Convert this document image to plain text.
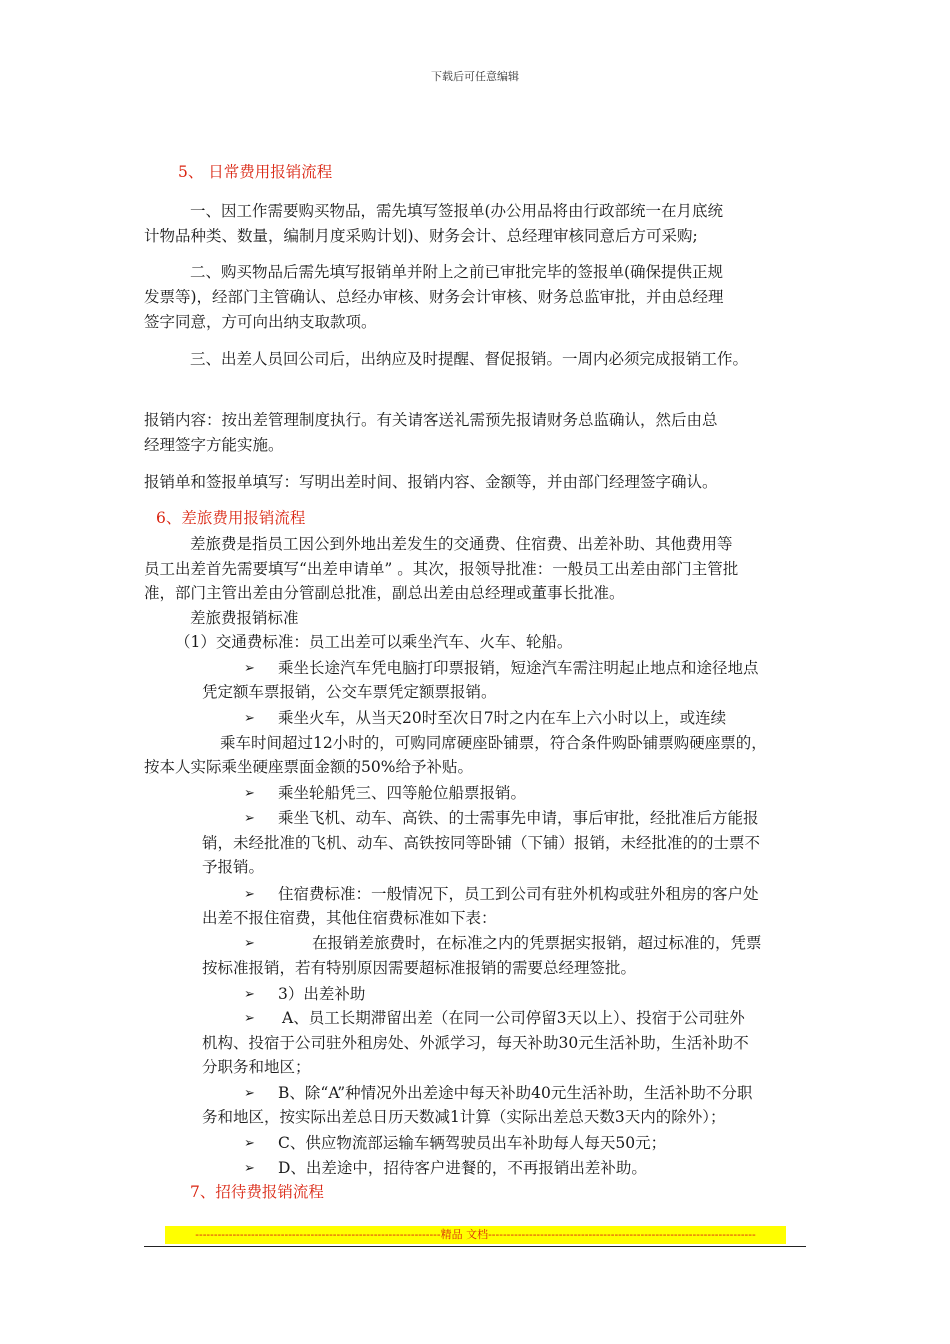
下载后可任意编辑
5、 日常费用报销流程
一、因工作需要购买物品，需先填写签报单(办公用品将由行政部统一在月底统
计物品种类、数量，编制月度采购计划)、财务会计、总经理审核同意后方可采购;
二、购买物品后需先填写报销单并附上之前已审批完毕的签报单(确保提供正规
发票等)，经部门主管确认、总经办审核、财务会计审核、财务总监审批，并由总经理
签字同意，方可向出纳支取款项。
三、出差人员回公司后，出纳应及时提醒、督促报销。一周内必须完成报销工作。
报销内容：按出差管理制度执行。有关请客送礼需预先报请财务总监确认，然后由总
经理签字方能实施。
报销单和签报单填写：写明出差时间、报销内容、金额等，并由部门经理签字确认。
6、差旅费用报销流程
差旅费是指员工因公到外地出差发生的交通费、住宿费、出差补助、其他费用等
员工出差首先需要填写“出差申请单” 。其次，报领导批准：一般员工出差由部门主管批
准，部门主管出差由分管副总批准，副总出差由总经理或董事长批准。
差旅费报销标准
（1）交通费标准：员工出差可以乘坐汽车、火车、轮船。
➢ 乘坐长途汽车凭电脑打印票报销，短途汽车需注明起止地点和途径地点
凭定额车票报销，公交车票凭定额票报销。
➢ 乘坐火车，从当天20时至次日7时之内在车上六小时以上，或连续
乘车时间超过12小时的，可购同席硬座卧铺票，符合条件购卧铺票购硬座票的，
按本人实际乘坐硬座票面金额的50%给予补贴。
➢ 乘坐轮船凭三、四等舱位船票报销。
➢ 乘坐飞机、动车、高铁、的士需事先申请，事后审批，经批准后方能报
销，未经批准的飞机、动车、高铁按同等卧铺（下铺）报销，未经批准的的士票不
予报销。
➢ 住宿费标准：一般情况下，员工到公司有驻外机构或驻外租房的客户处
出差不报住宿费，其他住宿费标准如下表：
➢	在报销差旅费时，在标准之内的凭票据实报销，超过标准的，凭票
按标准报销，若有特别原因需要超标准报销的需要总经理签批。
➢ 3）出差补助
➢ A、员工长期滞留出差（在同一公司停留3天以上）、投宿于公司驻外
机构、投宿于公司驻外租房处、外派学习，每天补助30元生活补助，生活补助不
分职务和地区；
➢ B、除“A”种情况外出差途中每天补助40元生活补助，生活补助不分职
务和地区，按实际出差总日历天数减1计算（实际出差总天数3天内的除外）；
➢ C、供应物流部运输车辆驾驶员出车补助每人每天50元；
➢ D、出差途中，招待客户进餐的，不再报销出差补助。
7、招待费报销流程
------------------------------------------------------------------精品 文档------------------------------------------------------------------------
